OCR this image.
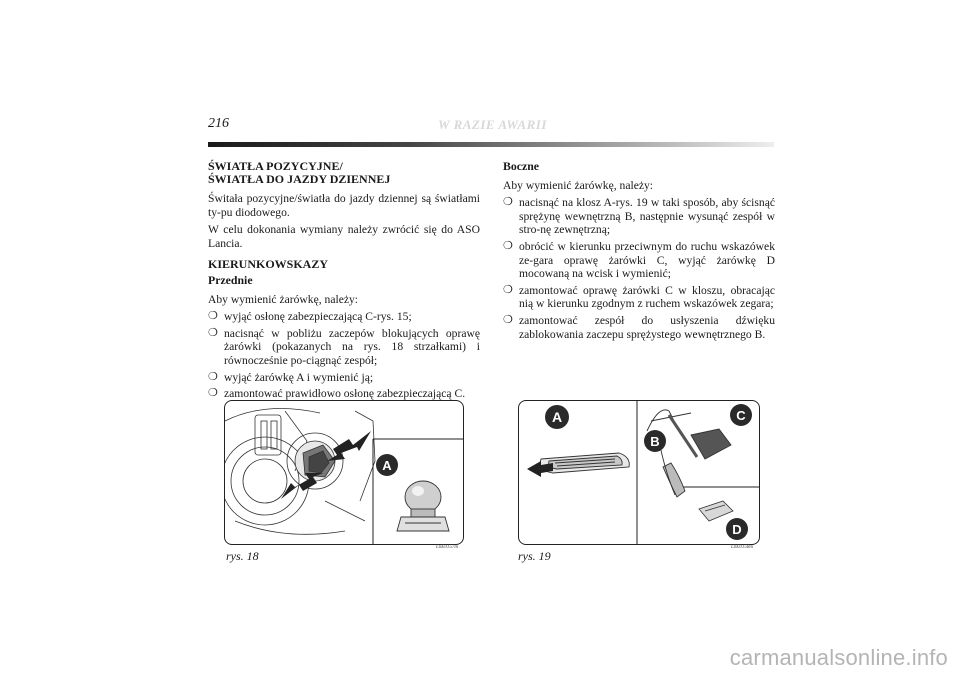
216	W RAZIE AWARII
ŚWIATŁA POZYCYJNE/
ŚWIATŁA DO JAZDY DZIENNEJ

Świtała pozycyjne/światła do jazdy dziennej są światłami ty-pu diodowego.

W celu dokonania wymiany należy zwrócić się do ASO Lancia.

KIERUNKOWSKAZY
Przednie

Aby wymienić żarówkę, należy:

❍ wyjąć osłonę zabezpieczającą C-rys. 15;
❍ nacisnąć w pobliżu zaczepów blokujących oprawę żarówki (pokazanych na rys. 18 strzałkami) i równocześnie po-ciągnąć zespół;
❍ wyjąć żarówkę A i wymienić ją;
❍ zamontować prawidłowo osłonę zabezpieczającą C.
Boczne

Aby wymienić żarówkę, należy:

❍ nacisnąć na klosz A-rys. 19 w taki sposób, aby ścisnąć sprężynę wewnętrzną B, następnie wysunąć zespół w stro-nę zewnętrzną;
❍ obrócić w kierunku przeciwnym do ruchu wskazówek ze-gara oprawę żarówki C, wyjąć żarówkę D mocowaną na wcisk i wymienić;
❍ zamontować oprawę żarówki C w kloszu, obracając nią w kierunku zgodnym z ruchem wskazówek zegara;
❍ zamontować zespół do usłyszenia dźwięku zablokowania zaczepu sprężystego wewnętrznego B.
A
rys. 18
L0E0157m
A
B
C
D
rys. 19
L0E0158m
carmanualsonline.info
